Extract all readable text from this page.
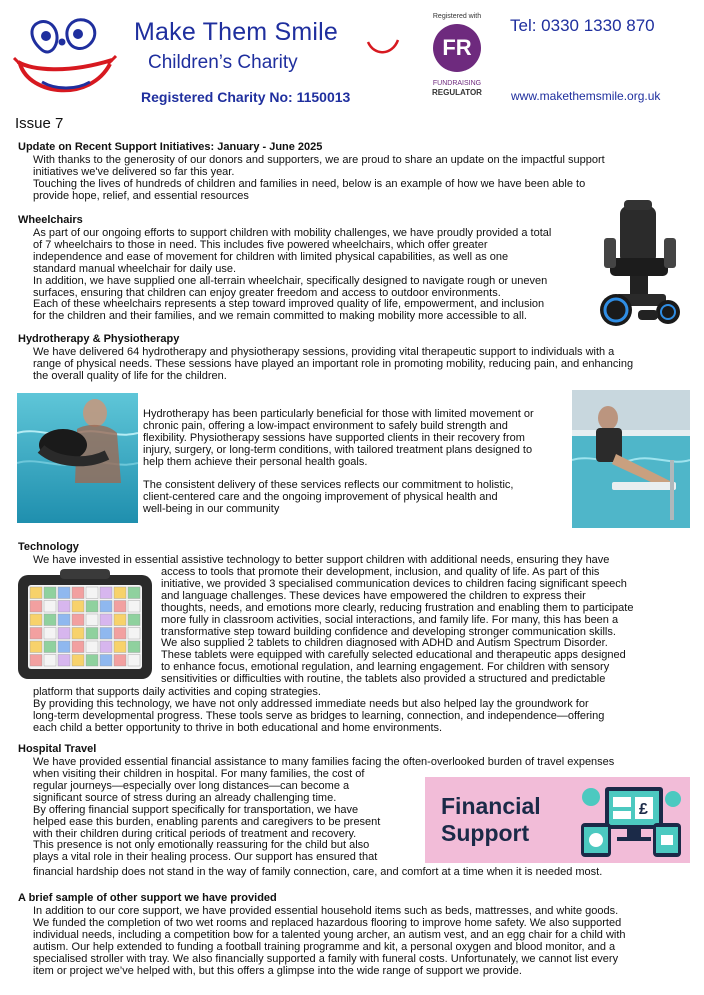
Make Them Smile
Children’s Charity
Registered Charity No: 1150013
Registered with
FR
FUNDRAISING
REGULATOR
Tel: 0330 1330 870
www.makethemsmile.org.uk
Issue 7
Update on Recent Support Initiatives: January - June 2025

With thanks to the generosity of our donors and supporters, we are proud to share an update on the impactful support

initiatives we've delivered so far this year.

Touching the lives of hundreds of children and families in need, below is an example of how we have been able to

provide hope, relief, and essential resources

Wheelchairs

As part of our ongoing efforts to support children with mobility challenges, we have proudly provided a total

of 7 wheelchairs to those in need. This includes five powered wheelchairs, which offer greater

independence and ease of movement for children with limited physical capabilities, as well as one

standard manual wheelchair for daily use.

In addition, we have supplied one all-terrain wheelchair, specifically designed to navigate rough or uneven

surfaces, ensuring that children can enjoy greater freedom and access to outdoor environments.

Each of these wheelchairs represents a step toward improved quality of life, empowerment, and inclusion

for the children and their families, and we remain committed to making mobility more accessible to all.

Hydrotherapy & Physiotherapy

We have delivered 64 hydrotherapy and physiotherapy sessions, providing vital therapeutic support to individuals with a

range of physical needs. These sessions have played an important role in promoting mobility, reducing pain, and enhancing

the overall quality of life for the children.

Hydrotherapy has been particularly beneficial for those with limited movement or

chronic pain, offering a low-impact environment to safely build strength and

flexibility. Physiotherapy sessions have supported clients in their recovery from

injury, surgery, or long-term conditions, with tailored treatment plans designed to

help them achieve their personal health goals.

The consistent delivery of these services reflects our commitment to holistic,

client-centered care and the ongoing improvement of physical health and

well-being in our community

Technology
We have invested in essential assistive technology to better support children with additional needs, ensuring they have

access to tools that promote their development, inclusion, and quality of life. As part of this

initiative, we provided 3 specialised communication devices to children facing significant speech

and language challenges. These devices have empowered the children to express their

thoughts, needs, and emotions more clearly, reducing frustration and enabling them to participate

more fully in classroom activities, social interactions, and family life. For many, this has been a

transformative step toward building confidence and developing stronger communication skills.

We also supplied 2 tablets to children diagnosed with ADHD and Autism Spectrum Disorder.

These tablets were equipped with carefully selected educational and therapeutic apps designed

to enhance focus, emotional regulation, and learning engagement. For children with sensory

sensitivities or difficulties with routine, the tablets also provided a structured and predictable

platform that supports daily activities and coping strategies.

By providing this technology, we have not only addressed immediate needs but also helped lay the groundwork for

long-term developmental progress. These tools serve as bridges to learning, connection, and independence—offering

each child a better opportunity to thrive in both educational and home environments.

Hospital Travel
We have provided essential financial assistance to many families facing the often-overlooked burden of travel expenses

when visiting their children in hospital. For many families, the cost of

regular journeys—especially over long distances—can become a

significant source of stress during an already challenging time.

By offering financial support specifically for transportation, we have

helped ease this burden, enabling parents and caregivers to be present

with their children during critical periods of treatment and recovery.

This presence is not only emotionally reassuring for the child but also

plays a vital role in their healing process. Our support has ensured that

financial hardship does not stand in the way of family connection, care, and comfort at a time when it is needed most.
Financial
Support
£
A brief sample of other support we have provided

In addition to our core support, we have provided essential household items such as beds, mattresses, and white goods.

We funded the completion of two wet rooms and replaced hazardous flooring to improve home safety. We also supported

individual needs, including a competition bow for a talented young archer, an autism vest, and an egg chair for a child with

autism. Our help extended to funding a football training programme and kit, a personal oxygen and blood monitor, and a

specialised stroller with tray. We also financially supported a family with funeral costs. Unfortunately, we cannot list every

item or project we’ve helped with, but this offers a glimpse into the wide range of support we provide.
